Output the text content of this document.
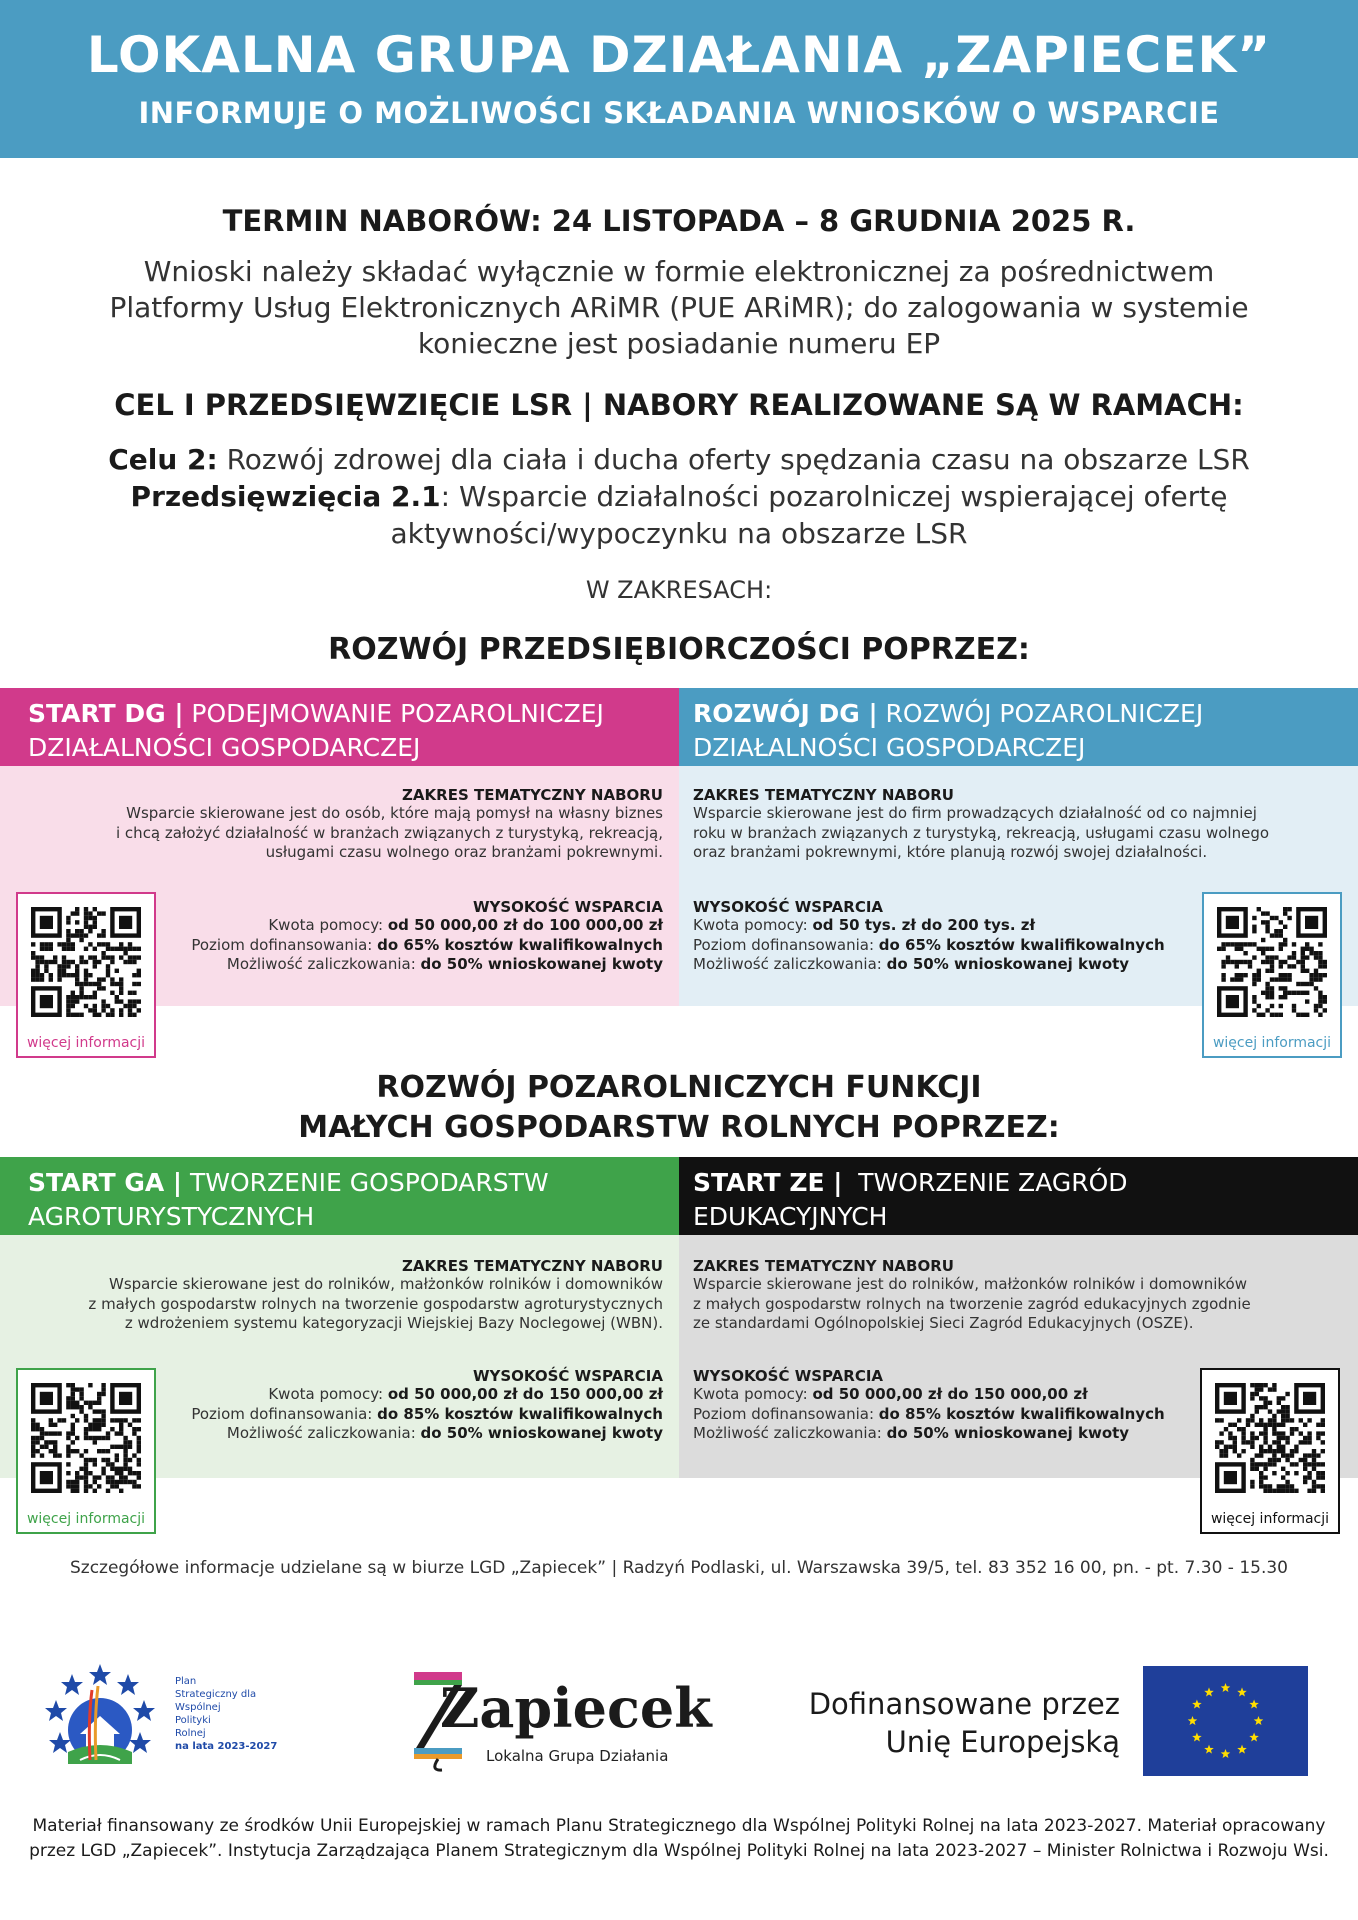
LOKALNA GRUPA DZIAŁANIA „ZAPIECEK”
INFORMUJE O MOŻLIWOŚCI SKŁADANIA WNIOSKÓW O WSPARCIE
TERMIN NABORÓW: 24 LISTOPADA – 8 GRUDNIA 2025 R.
Wnioski należy składać wyłącznie w formie elektronicznej za pośrednictwem
Platformy Usług Elektronicznych ARiMR (PUE ARiMR); do zalogowania w systemie
konieczne jest posiadanie numeru EP
CEL I PRZEDSIĘWZIĘCIE LSR | NABORY REALIZOWANE SĄ W RAMACH:
Celu 2: Rozwój zdrowej dla ciała i ducha oferty spędzania czasu na obszarze LSR
Przedsięwzięcia 2.1: Wsparcie działalności pozarolniczej wspierającej ofertę
aktywności/wypoczynku na obszarze LSR
W ZAKRESACH:
ROZWÓJ PRZEDSIĘBIORCZOŚCI POPRZEZ:
START DG | PODEJMOWANIE POZAROLNICZEJ
DZIAŁALNOŚCI GOSPODARCZEJ
ROZWÓJ DG | ROZWÓJ POZAROLNICZEJ
DZIAŁALNOŚCI GOSPODARCZEJ
ZAKRES TEMATYCZNY NABORU
Wsparcie skierowane jest do osób, które mają pomysł na własny biznes
i chcą założyć działalność w branżach związanych z turystyką, rekreacją,
usługami czasu wolnego oraz branżami pokrewnymi.
WYSOKOŚĆ WSPARCIA
Kwota pomocy: od 50 000,00 zł do 100 000,00 zł
Poziom dofinansowania: do 65% kosztów kwalifikowalnych
Możliwość zaliczkowania: do 50% wnioskowanej kwoty
ZAKRES TEMATYCZNY NABORU
Wsparcie skierowane jest do firm prowadzących działalność od co najmniej
roku w branżach związanych z turystyką, rekreacją, usługami czasu wolnego
oraz branżami pokrewnymi, które planują rozwój swojej działalności.
WYSOKOŚĆ WSPARCIA
Kwota pomocy: od 50 tys. zł do 200 tys. zł
Poziom dofinansowania: do 65% kosztów kwalifikowalnych
Możliwość zaliczkowania: do 50% wnioskowanej kwoty
więcej informacji	więcej informacji
ROZWÓJ POZAROLNICZYCH FUNKCJI
MAŁYCH GOSPODARSTW ROLNYCH POPRZEZ:
START GA | TWORZENIE GOSPODARSTW
AGROTURYSTYCZNYCH
START ZE |  TWORZENIE ZAGRÓD
EDUKACYJNYCH
ZAKRES TEMATYCZNY NABORU
Wsparcie skierowane jest do rolników, małżonków rolników i domowników
z małych gospodarstw rolnych na tworzenie gospodarstw agroturystycznych
z wdrożeniem systemu kategoryzacji Wiejskiej Bazy Noclegowej (WBN).
WYSOKOŚĆ WSPARCIA
Kwota pomocy: od 50 000,00 zł do 150 000,00 zł
Poziom dofinansowania: do 85% kosztów kwalifikowalnych
Możliwość zaliczkowania: do 50% wnioskowanej kwoty
ZAKRES TEMATYCZNY NABORU
Wsparcie skierowane jest do rolników, małżonków rolników i domowników
z małych gospodarstw rolnych na tworzenie zagród edukacyjnych zgodnie
ze standardami Ogólnopolskiej Sieci Zagród Edukacyjnych (OSZE).
WYSOKOŚĆ WSPARCIA
Kwota pomocy: od 50 000,00 zł do 150 000,00 zł
Poziom dofinansowania: do 85% kosztów kwalifikowalnych
Możliwość zaliczkowania: do 50% wnioskowanej kwoty
więcej informacji	więcej informacji
Szczegółowe informacje udzielane są w biurze LGD „Zapiecek” | Radzyń Podlaski, ul. Warszawska 39/5, tel. 83 352 16 00, pn. - pt. 7.30 - 15.30
Plan
Strategiczny dla
Wspólnej
Polityki
Rolnej
na lata 2023-2027
Zapiecek
Lokalna Grupa Działania
Dofinansowane przez
Unię Europejską
Materiał finansowany ze środków Unii Europejskiej w ramach Planu Strategicznego dla Wspólnej Polityki Rolnej na lata 2023-2027. Materiał opracowany
przez LGD „Zapiecek”. Instytucja Zarządzająca Planem Strategicznym dla Wspólnej Polityki Rolnej na lata 2023-2027 – Minister Rolnictwa i Rozwoju Wsi.
